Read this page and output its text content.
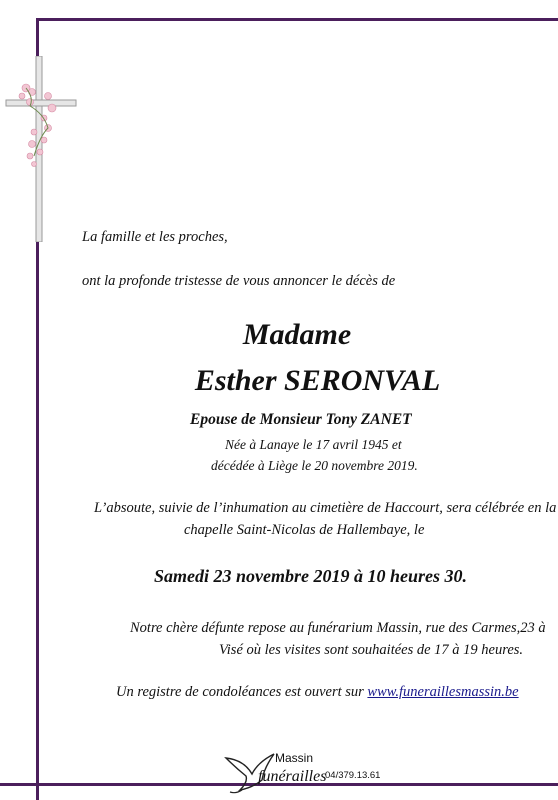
La famille et les proches,
ont la profonde tristesse de vous annoncer le décès de
Madame
Esther SERONVAL
Epouse de Monsieur Tony ZANET
Née à Lanaye le 17 avril 1945 et
décédée à Liège le 20 novembre 2019.
L’absoute, suivie de l’inhumation au cimetière de Haccourt, sera célébrée en la
chapelle Saint-Nicolas de Hallembaye, le
Samedi 23 novembre 2019 à 10 heures 30.
Notre chère défunte repose au funérarium Massin, rue des Carmes,23 à
Visé où les visites sont souhaitées de 17 à 19 heures.
Un registre de condoléances est ouvert sur www.funeraillesmassin.be
Massin
funérailles
04/379.13.61
